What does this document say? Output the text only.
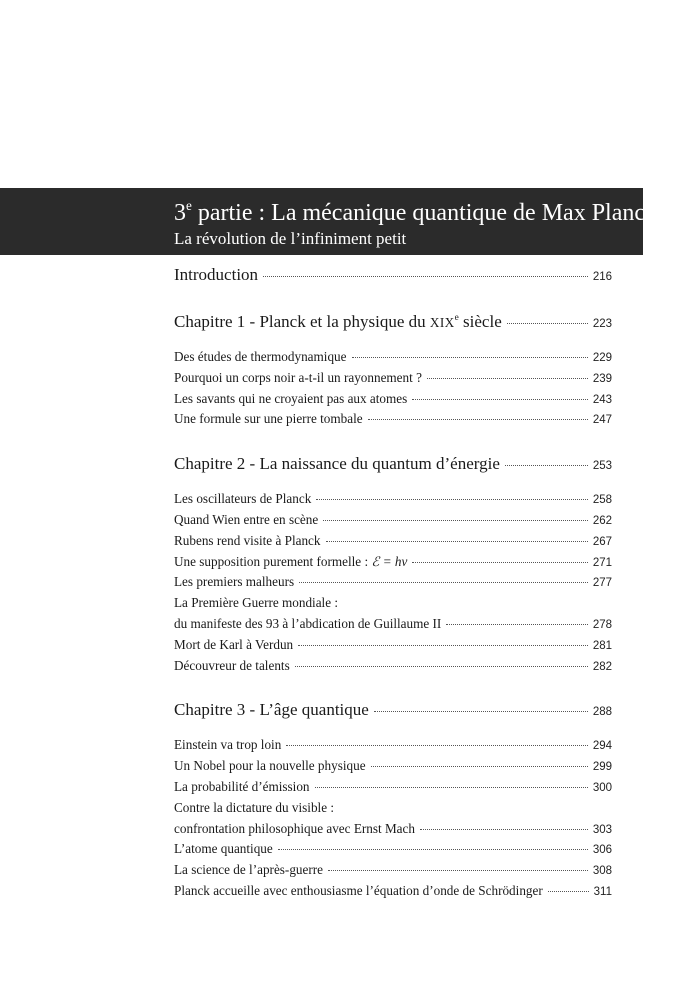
3e partie : La mécanique quantique de Max Planck
La révolution de l’infiniment petit
Introduction	216
Chapitre 1 - Planck et la physique du XIXe siècle	223
Des études de thermodynamique	229
Pourquoi un corps noir a-t-il un rayonnement ?	239
Les savants qui ne croyaient pas aux atomes	243
Une formule sur une pierre tombale	247
Chapitre 2 - La naissance du quantum d’énergie	253
Les oscillateurs de Planck	258
Quand Wien entre en scène	262
Rubens rend visite à Planck	267
Une supposition purement formelle : ℰ = hν	271
Les premiers malheurs	277
La Première Guerre mondiale :
du manifeste des 93 à l’abdication de Guillaume II	278
Mort de Karl à Verdun	281
Découvreur de talents	282
Chapitre 3 - L’âge quantique	288
Einstein va trop loin	294
Un Nobel pour la nouvelle physique	299
La probabilité d’émission	300
Contre la dictature du visible :
confrontation philosophique avec Ernst Mach	303
L’atome quantique	306
La science de l’après-guerre	308
Planck accueille avec enthousiasme l’équation d’onde de Schrödinger	311
